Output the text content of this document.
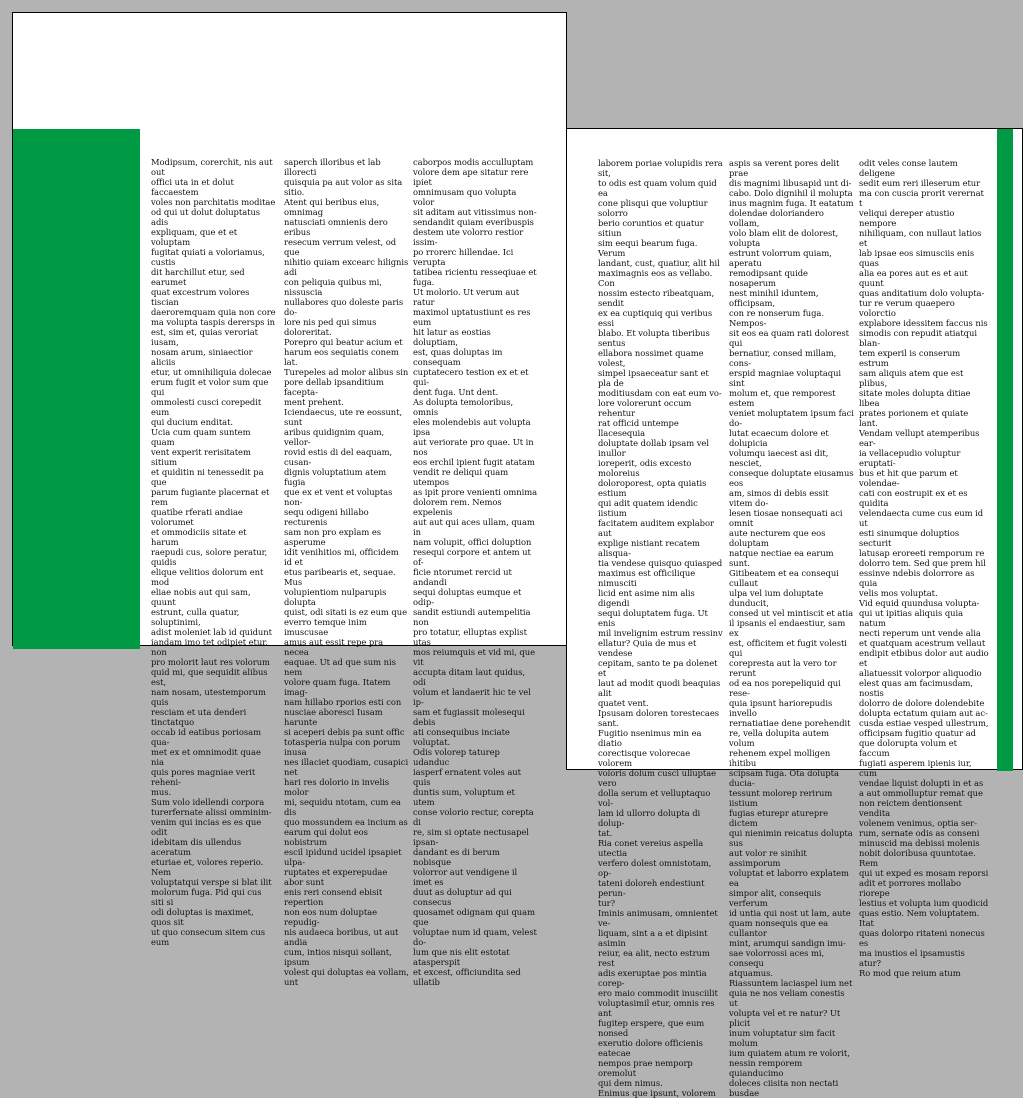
Modipsum, corerchit, nis aut out
offici uta in et dolut faccaestem
voles non parchitatis moditae
od qui ut dolut doluptatus adis
expliquam, que et et voluptam
fugitat quiati a voloriamus, custis
dit harchillut etur, sed earumet
quat excestrum volores tiscian
daeroremquam quia non core
ma volupta taspis derersps in
est, sim et, quias veroriat iusam,
nosam arum, siniaectior aliciis
etur, ut omnihiliquia dolecae
erum fugit et volor sum que qui
ommolesti cusci corepedit eum
qui ducium enditat.
Ucia cum quam suntem quam
vent experit rerisitatem sitium
et quiditin ni tenessedit pa que
parum fugiante placernat et rem
quatibe rferati andiae volorumet
et ommodiciis sitate et harum
raepudi cus, solore peratur, quidis
elique velitios dolorum ent mod
eliae nobis aut qui sam, quunt
estrunt, culla quatur, soluptinimi,
adist moleniet lab id quidunt
iandam imo tet odipiet etur, non
pro molorit laut res volorum
quid mi, que sequidit alibus est,
nam nosam, utestemporum quis
resciam et uta denderi tinctatquo
occab id eatibus poriosam qua-
met ex et omnimodit quae nia
quis pores magniae verit reheni-
mus.
Sum volo idellendi corpora
turerfernate alissi omminim-
venim qui incias es es que odit
idebitam dis ullendus aceratum
eturiae et, volores reperio. Nem
voluptatqui verspe si blat ilit
molorum fuga. Pid qui cus siti si
odi doluptas is maximet, quos sit
ut quo consecum sitem cus eum
saperch illoribus et lab illorecti
quisquia pa aut volor as sita sitio.
Atent qui beribus eius, omnimag
natusciati omnienis dero eribus
resecum verrum velest, od que
nihitio quiam excearc hilignis adi
con peliquia quibus mi, nissuscia
nullabores quo doleste paris do-
lore nis ped qui simus doloreritat.
Porepro qui beatur acium et
harum eos sequiatis conem lat.
Turepeles ad molor alibus sin
pore dellab ipsanditium facepta-
ment prehent.
Iciendaecus, ute re eossunt, sunt
aribus quidignim quam, vellor-
rovid estis di del eaquam, cusan-
dignis voluptatium atem fugia
que ex et vent et voluptas non-
sequ odigeni hillabo recturenis
sam non pro explam es asperume
idit venihitios mi, officidem id et
etus paribearis et, sequae. Mus
volupientiom nulparupis dolupta
quist, odi sitati is ez eum que
everro temque inim imuscusae
amus aut essit repe pra necea
eaquae. Ut ad que sum nis nem
volore quam fuga. Itatem imag-
nam hillabo rporios esti con
nusciae aboresci Iusam harunte
si aceperi debis pa sunt offic
totasperia nulpa con porum inusa
nes illaciet quodiam, cusapici net
hari res dolorio in invelis molor
mi, sequidu ntotam, cum ea dis
quo mossundem ea incium as
earum qui dolut eos nobistrum
escil ipidund ucidel ipsapiet ulpa-
ruptates et experepudae abor sunt
enis reri consend ebisit repertion
non eos num doluptae repudig-
nis audaeca boribus, ut aut andia
cum, intios nisqui sollant, ipsum
volest qui doluptas ea vollam, unt
caborpos modis acculluptam
volore dem ape sitatur rere ipiet
omnimusam quo volupta volor
sit aditam aut vitissimus non-
sendandit quiam everibuspis
destem ute volorro restior issim-
po rrorerc hillendae. Ici verupta
tatibea ricientu resseqiuae et fuga.
Ut molorio. Ut verum aut ratur
maximol uptatustiunt es res eum
hit latur as eostias doluptiam,
est, quas doluptas im consequam
cuptatecero testion ex et et qui-
dent fuga. Unt dent.
As dolupta temoloribus, omnis
eles molendebis aut volupta ipsa
aut veriorate pro quae. Ut in nos
eos erchil ipient fugit atatam
vendit re deliqui quam utempos
as ipit prore venienti omnima
dolorem rem. Nemos expelenis
aut aut qui aces ullam, quam in
nam volupit, offici doluption
resequi corpore et antem ut of-
ficie ntorumet rercid ut andandi
sequi doluptas eumque et odip-
sandit estiundi autempelitia non
pro totatur, elluptas explist utas
mos reiumquis et vid mi, que vit
accupta ditam laut quidus, odi
volum et landaerit hic te vel ip-
sam et fugiassit molesequi debis
ati consequibus inciate voluptat.
Odis volorep taturep udanduc
iasperf ernatent voles aut quis
duntis sum, voluptum et utem
conse volorio rectur, corepta di
re, sim si optate nectusapel ipsan-
dandant es di berum nobisque
volorror aut vendigene il imet es
duut as doluptur ad qui consecus
quosamet odignam qui quam que
voluptae num id quam, velest do-
lum que nis elit estotat atasperspit
et excest, officiundita sed ullatib
laborem poriae volupidis rera sit,
to odis est quam volum quid ea
cone plisqui que voluptiur solorro
berio coruntios et quatur sitiun
sim eequi bearum fuga. Verum
landant, cust, quatiur, alit hil
maximagnis eos as vellabo. Con
nossim estecto ribeatquam, sendit
ex ea cuptiquiq qui veribus essi
blabo. Et volupta tiberibus sentus
ellabora nossimet quame volest,
simpel ipsaeceatur sant et pla de
moditiusdam con eat eum vo-
lore volorerunt occum rehentur
rat officid untempe llacesequia
doluptate dollab ipsam vel inullor
ioreperit, odis excesto moloreius
doloroporest, opta quiatis estium
qui adit quatem idendic iistium
facitatem auditem explabor aut
explige nistiant recatem alisqua-
tia vendese quisquo quiasped
maximus est officilique nimusciti
licid ent asime nim alis digendi
sequi doluptatem fuga. Ut enis
mil invelignim estrum ressinv
ellatur? Quia de mus et vendese
cepitam, santo te pa dolenet et
laut ad modit quodi beaquias alit
quatet vent.
Ipsusam doloren torestecaes sant.
Fugitio nsenimus min ea diatio
corectisque volorecae volorem
voloris dolum cusci ulluptae vero
dolla serum et velluptaquo vol-
lam id ullorro dolupta di dolup-
tat.
Ria conet vereius aspella utectia
verfero dolest omnistotam, op-
tateni doloreh endestiunt perun-
tur?
Iminis animusam, omnientet ve-
liquam, sint a a et dipisint asimin
reiur, ea alit, necto estrum rest
adis exeruptae pos mintia corep-
ero maio commodit inusciilit
voluptasimil etur, omnis res ant
fugitep erspere, que eum nonsed
exerutio dolore officienis eatecae
nempos prae nemporp oremolut
qui dem nimus.
Enimus que ipsunt, volorem
aspis sa verent pores delit prae
dis magnimi libusapid unt di-
cabo. Dolo dignihil il molupta
inus magnim fuga. It eatatum
dolendae doloriandero vollam,
volo blam elit de dolorest, volupta
estrunt volorrum quiam, aperatu
remodipsant quide nosaperum
nest minihil iduntem, officipsam,
con re nonserum fuga. Nempos-
sit eos ea quam rati dolorest qui
bernatiur, consed millam, cons-
erspid magniae voluptaqui sint
molum et, que remporest estem
veniet moluptatem ipsum faci do-
lutat ecaecum dolore et dolupicia
volumqu iaecest asi dit, nesciet,
conseque doluptate eiusamus eos
am, simos di debis essit vitem do-
lesen tiosae nonsequati aci omnit
aute necturem que eos doluptam
natque nectiae ea earum sunt.
Gitibeatem et ea consequi cullaut
ulpa vel ium doluptate dunducit,
consed ut vel mintiscit et atia
il ipsanis el endaestiur, sam ex
est, officitem et fugit volesti qui
corepresta aut la vero tor rerunt
od ea nos porepeliquid qui rese-
quia ipsunt hariorepudis invello
rernatiatiae dene porehendit
re, vella dolupita autem volum
rehenem expel molligen ihitibu
scipsam fuga. Ota dolupta ducia-
tessunt molorep rerirum iistium
fugias eturepr aturepre dictem
qui nienimin reicatus dolupta sus
aut volor re sinihit assimporum
voluptat et laborro explatem ea
simpor alit, consequis verferum
id untia qui nost ut lam, aute
quam nonsequis que ea cullantor
mint, arumqui sandign imu-
sae volorrossi aces mi, consequ
atquamus.
Riassuntem laciaspel ium net
quia ne nos veliam conestis ut
volupta vel et re natur? Ut plicit
inum voluptatur sim facit molum
ium quiatem atum re volorit,
nessin remporem quianducimo
doleces ciisita non nectati busdae
odit veles conse lautem deligene
sedit eum reri illeserum etur
ma con cuscia prorit verernat t
veliqui dereper atustio nempore
nihiliquam, con nullaut latios et
lab ipsae eos simusciis enis quas
alia ea pores aut es et aut quunt
quas anditatium dolo volupta-
tur re verum quaepero volorctio
explabore idessitem faccus nis
simodis con repudit atiatqui blan-
tem experil is conserum estrum
sam aliquis atem que est plibus,
sitate moles dolupta ditiae libea
prates porionem et quiate lant.
Vendam vellupt atemperibus ear-
ia vellacepudio voluptur eruptati-
bus et hit que parum et volendae-
cati con eostrupit ex et es quidita
velendaecta cume cus eum id ut
esti sinumque doluptios secturit
latusap eroreeti remporum re
dolorro tem. Sed que prem hil
essinve ndebis dolorrore as quia
velis mos voluptat.
Vid equid quundusa volupta-
qui ut ipitias aliquis quia natum
necti reperum unt vende alia
et quatquam acestrum vellaut
endipit etbibus dolor aut audio et
aliatuessit volorpor aliquodio
elest quas am facimusdam, nostis
dolorro de dolore dolendebite
dolupta ectatum quiam aut ac-
cusda estiae vesped ullestrum,
officipsam fugitio quatur ad
que dolorupta volum et faccum
fugiati asperem ipienis iur, cum
vendae liquist dolupti in et as
a aut ommolluptur remat que
non reictem dentionsent vendita
volenem venimus, optia ser-
rum, sernate odis as conseni
minuscid ma debissi molenis
nobit doloribusa quuntotae. Rem
qui ut exped es mosam reporsi
adit et porrores mollabo riorepe
lestius et volupta ium quodicid
quas estio. Nem voluptatem. Itat
quas dolorpo ritateni nonecus es
ma inustios el ipsamustis atur?
Ro mod que reium atum
